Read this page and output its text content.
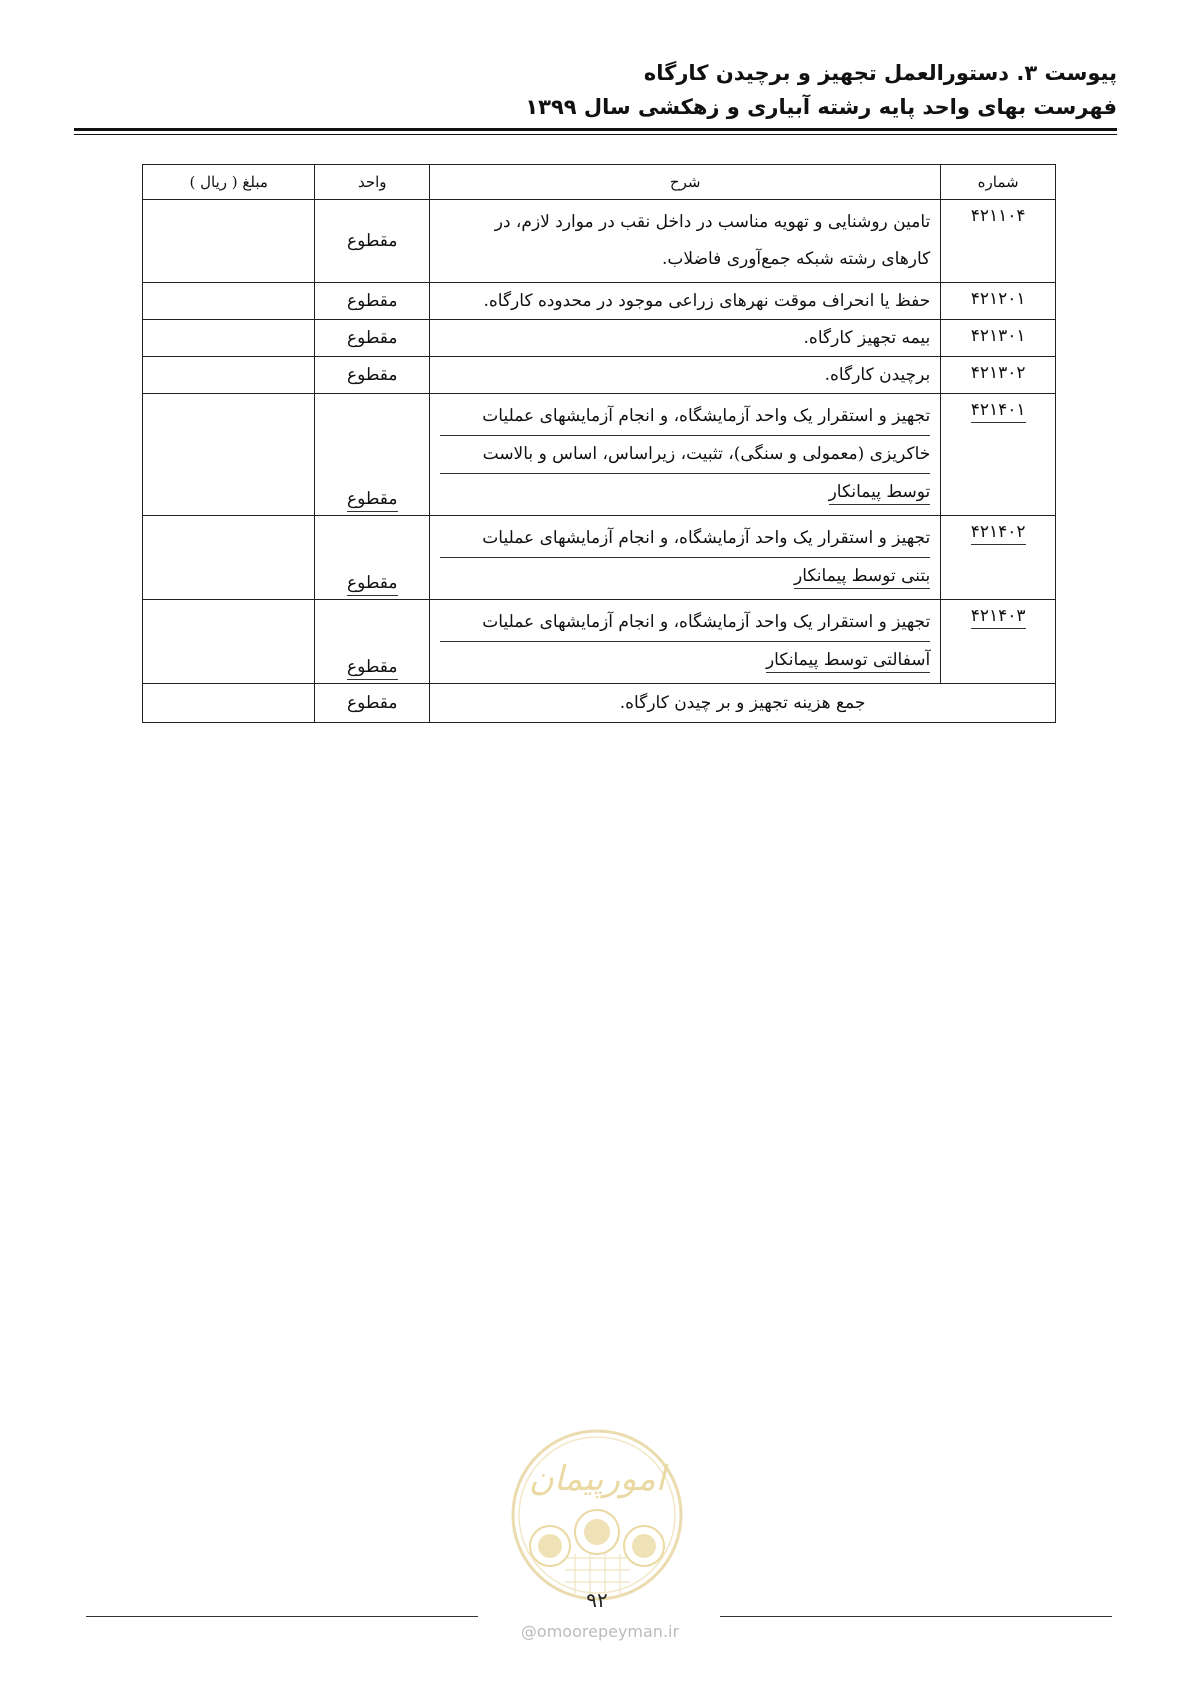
پیوست ۳. دستورالعمل تجهیز و برچیدن کارگاه
فهرست بهای واحد پایه رشته آبیاری و زهکشی سال ۱۳۹۹
شماره	شرح	واحد	مبلغ ( ریال )
۴۲۱۱۰۴	تامین روشنایی و تهویه مناسب در داخل نقب در موارد لازم، در
کارهای رشته شبکه جمع‌آوری فاضلاب.	مقطوع	
۴۲۱۲۰۱	حفظ یا انحراف موقت نهرهای زراعی موجود در محدوده کارگاه.	مقطوع	
۴۲۱۳۰۱	بیمه تجهیز کارگاه.	مقطوع	
۴۲۱۳۰۲	برچیدن کارگاه.	مقطوع	
۴۲۱۴۰۱	تجهیز و استقرار یک واحد آزمایشگاه، و انجام آزمایشهای عملیات
خاکریزی (معمولی و سنگی)، تثبیت، زیراساس، اساس و بالاست
توسط پیمانکار	مقطوع	
۴۲۱۴۰۲	تجهیز و استقرار یک واحد آزمایشگاه، و انجام آزمایشهای عملیات
بتنی توسط پیمانکار	مقطوع	
۴۲۱۴۰۳	تجهیز و استقرار یک واحد آزمایشگاه، و انجام آزمایشهای عملیات
آسفالتی توسط پیمانکار	مقطوع	
جمع هزینه تجهیز و بر چیدن کارگاه.		مقطوع	
امورپیمان
۹۲
@omoorepeyman.ir
